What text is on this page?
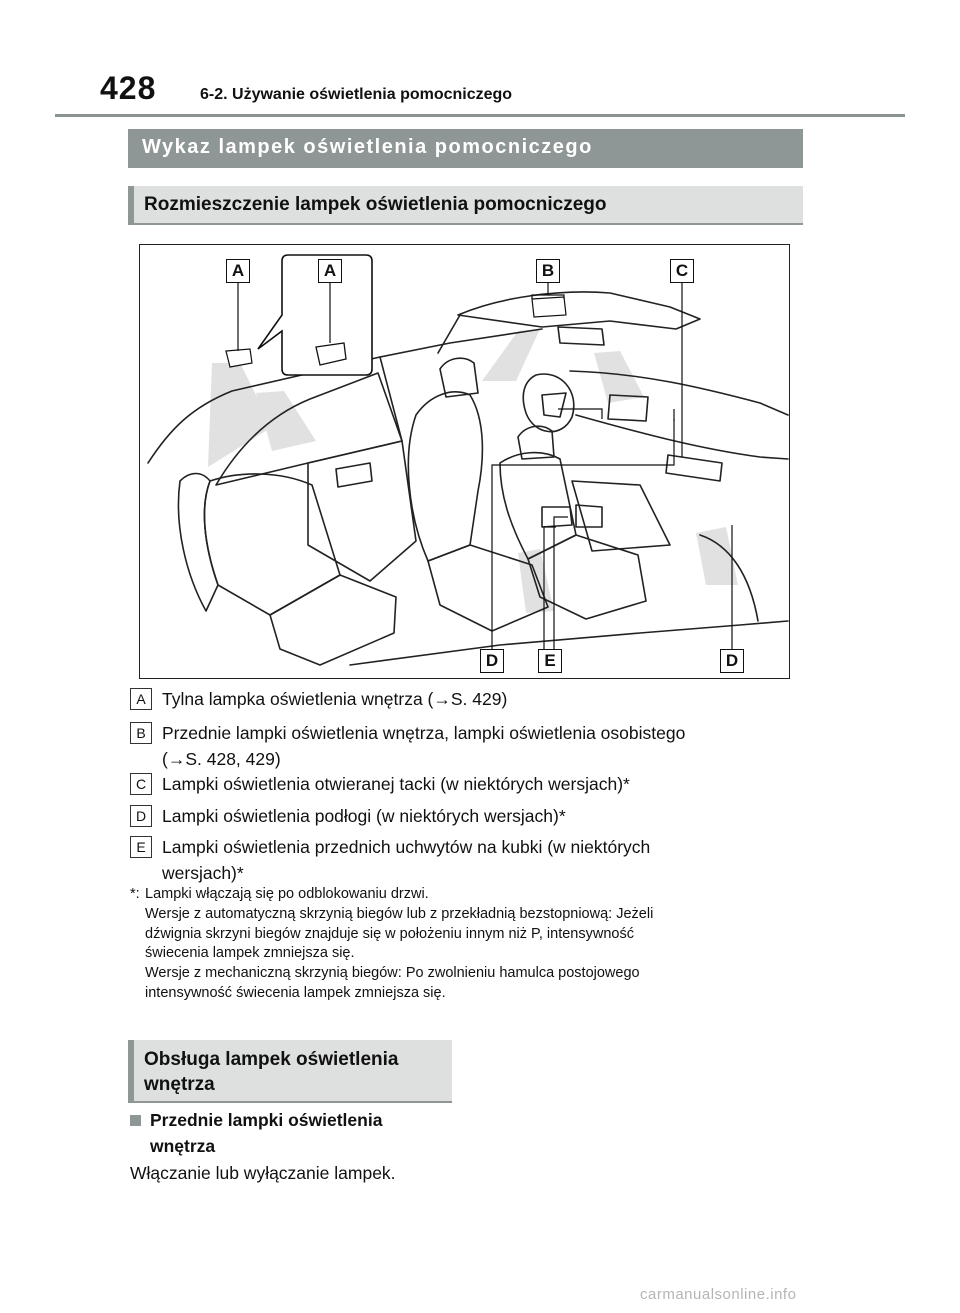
428	6-2. Używanie oświetlenia pomocniczego
Wykaz lampek oświetlenia pomocniczego
Rozmieszczenie lampek oświetlenia pomocniczego
A	A	B	C
D	E	D
A Tylna lampka oświetlenia wnętrza (→S. 429)
B Przednie lampki oświetlenia wnętrza, lampki oświetlenia osobistego
(→S. 428, 429)
C Lampki oświetlenia otwieranej tacki (w niektórych wersjach)*
D Lampki oświetlenia podłogi (w niektórych wersjach)*
E Lampki oświetlenia przednich uchwytów na kubki (w niektórych
wersjach)*
*: Lampki włączają się po odblokowaniu drzwi.
Wersje z automatyczną skrzynią biegów lub z przekładnią bezstopniową: Jeżeli
dźwignia skrzyni biegów znajduje się w położeniu innym niż P, intensywność
świecenia lampek zmniejsza się.
Wersje z mechaniczną skrzynią biegów: Po zwolnieniu hamulca postojowego
intensywność świecenia lampek zmniejsza się.
Obsługa lampek oświetlenia
wnętrza
Przednie lampki oświetlenia
wnętrza
Włączanie lub wyłączanie lampek.
carmanualsonline.info
